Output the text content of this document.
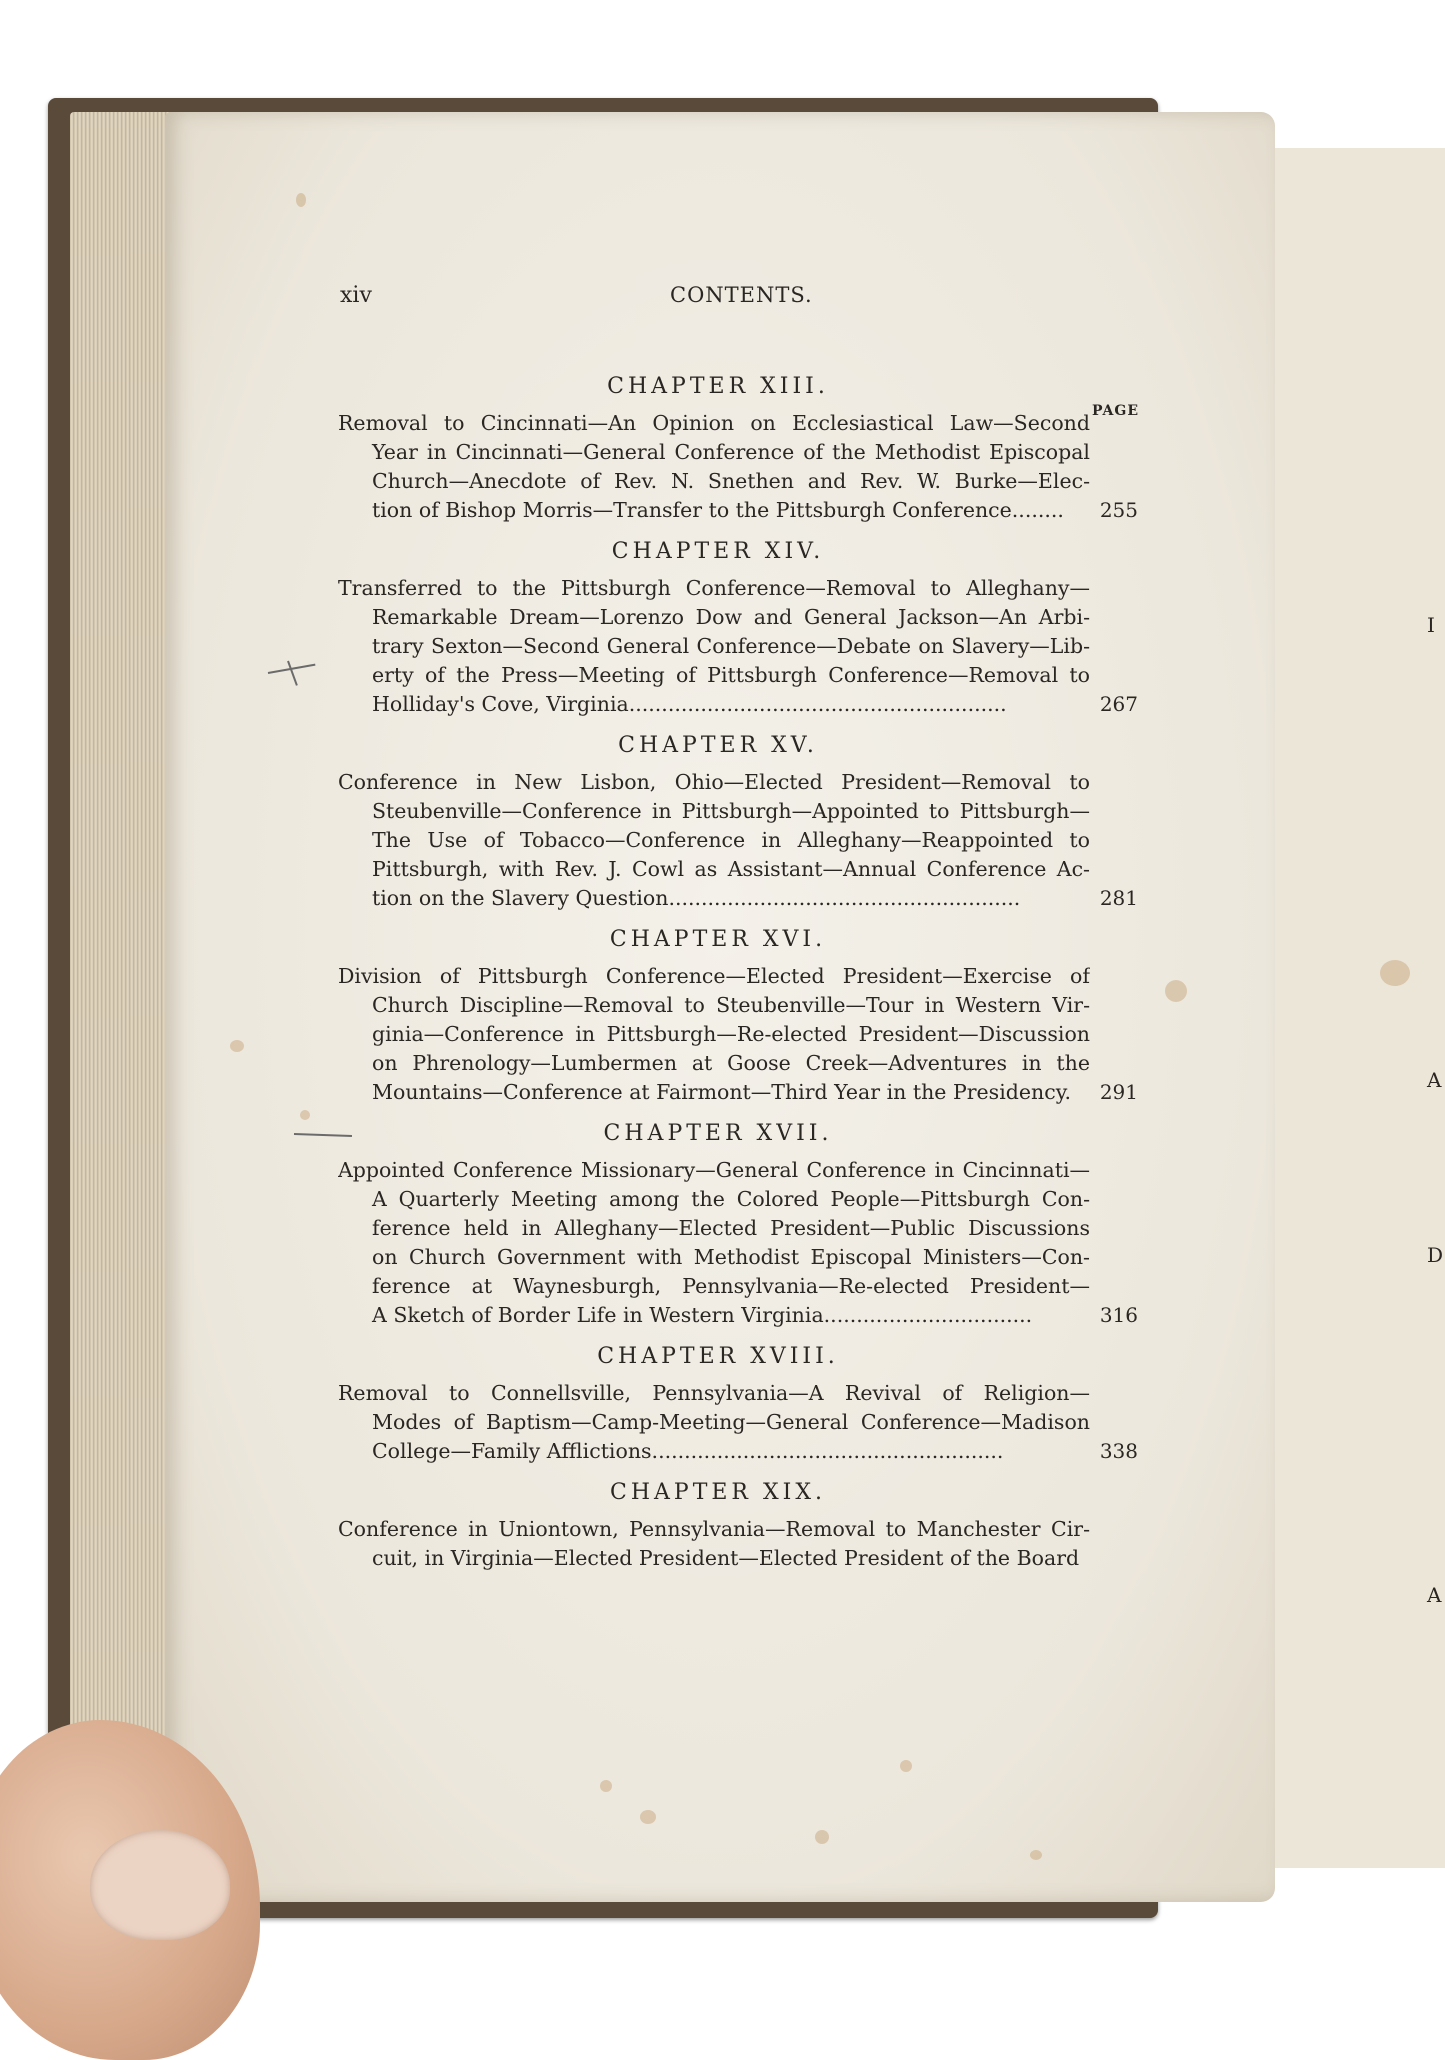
I
A
D
A
xiv	CONTENTS.
PAGE
CHAPTER XIII.
Removal to Cincinnati—An Opinion on Ecclesiastical Law—Second
Year in Cincinnati—General Conference of the Methodist Episcopal
Church—Anecdote of Rev. N. Snethen and Rev. W. Burke—Elec-
tion of Bishop Morris—Transfer to the Pittsburgh Conference........	255
CHAPTER XIV.
Transferred to the Pittsburgh Conference—Removal to Alleghany—
Remarkable Dream—Lorenzo Dow and General Jackson—An Arbi-
trary Sexton—Second General Conference—Debate on Slavery—Lib-
erty of the Press—Meeting of Pittsburgh Conference—Removal to
Holliday's Cove, Virginia..........................................................	267
CHAPTER XV.
Conference in New Lisbon, Ohio—Elected President—Removal to
Steubenville—Conference in Pittsburgh—Appointed to Pittsburgh—
The Use of Tobacco—Conference in Alleghany—Reappointed to
Pittsburgh, with Rev. J. Cowl as Assistant—Annual Conference Ac-
tion on the Slavery Question......................................................	281
CHAPTER XVI.
Division of Pittsburgh Conference—Elected President—Exercise of
Church Discipline—Removal to Steubenville—Tour in Western Vir-
ginia—Conference in Pittsburgh—Re-elected President—Discussion
on Phrenology—Lumbermen at Goose Creek—Adventures in the
Mountains—Conference at Fairmont—Third Year in the Presidency.	291
CHAPTER XVII.
Appointed Conference Missionary—General Conference in Cincinnati—
A Quarterly Meeting among the Colored People—Pittsburgh Con-
ference held in Alleghany—Elected President—Public Discussions
on Church Government with Methodist Episcopal Ministers—Con-
ference at Waynesburgh, Pennsylvania—Re-elected President—
A Sketch of Border Life in Western Virginia................................	316
CHAPTER XVIII.
Removal to Connellsville, Pennsylvania—A Revival of Religion—
Modes of Baptism—Camp-Meeting—General Conference—Madison
College—Family Afflictions......................................................	338
CHAPTER XIX.
Conference in Uniontown, Pennsylvania—Removal to Manchester Cir-
cuit, in Virginia—Elected President—Elected President of the Board
